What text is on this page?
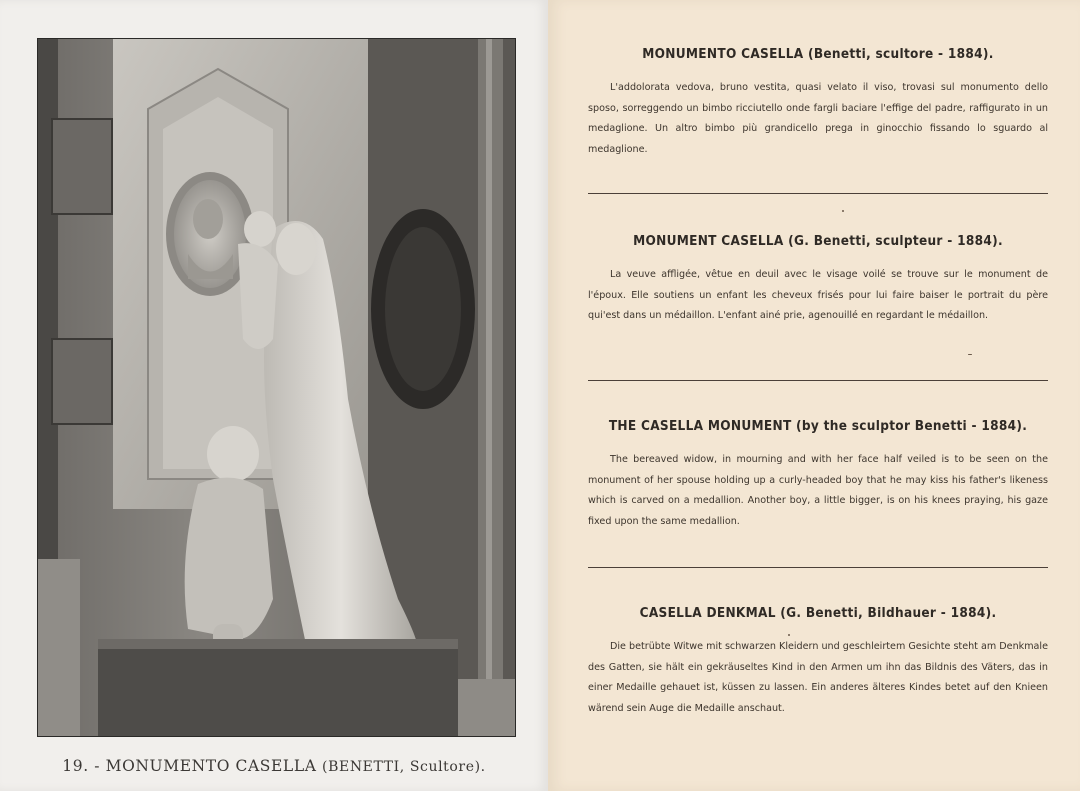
19. - MONUMENTO CASELLA (BENETTI, Scultore).
MONUMENTO CASELLA (Benetti, scultore - 1884).

L'addolorata vedova, bruno vestita, quasi velato il viso, trovasi sul monumento dello sposo, sorreggendo un bimbo ricciutello onde fargli baciare l'effige del padre, raffigurato in un medaglione. Un altro bimbo più grandicello prega in ginocchio fissando lo sguardo al medaglione.

MONUMENT CASELLA (G. Benetti, sculpteur - 1884).

La veuve affligée, vêtue en deuil avec le visage voilé se trouve sur le monument de l'époux. Elle soutiens un enfant les cheveux frisés pour lui faire baiser le portrait du père qui'est dans un médaillon. L'enfant ainé prie, agenouillé en regardant le médaillon.

THE CASELLA MONUMENT (by the sculptor Benetti - 1884).

The bereaved widow, in mourning and with her face half veiled is to be seen on the monument of her spouse holding up a curly-headed boy that he may kiss his father's likeness which is carved on a medallion. Another boy, a little bigger, is on his knees praying, his gaze fixed upon the same medallion.

CASELLA DENKMAL (G. Benetti, Bildhauer - 1884).

Die betrübte Witwe mit schwarzen Kleidern und geschleirtem Gesichte steht am Denkmale des Gatten, sie hält ein gekräuseltes Kind in den Armen um ihn das Bildnis des Väters, das in einer Medaille gehauet ist, küssen zu lassen. Ein anderes älteres Kindes betet auf den Knieen wärend sein Auge die Medaille anschaut.
